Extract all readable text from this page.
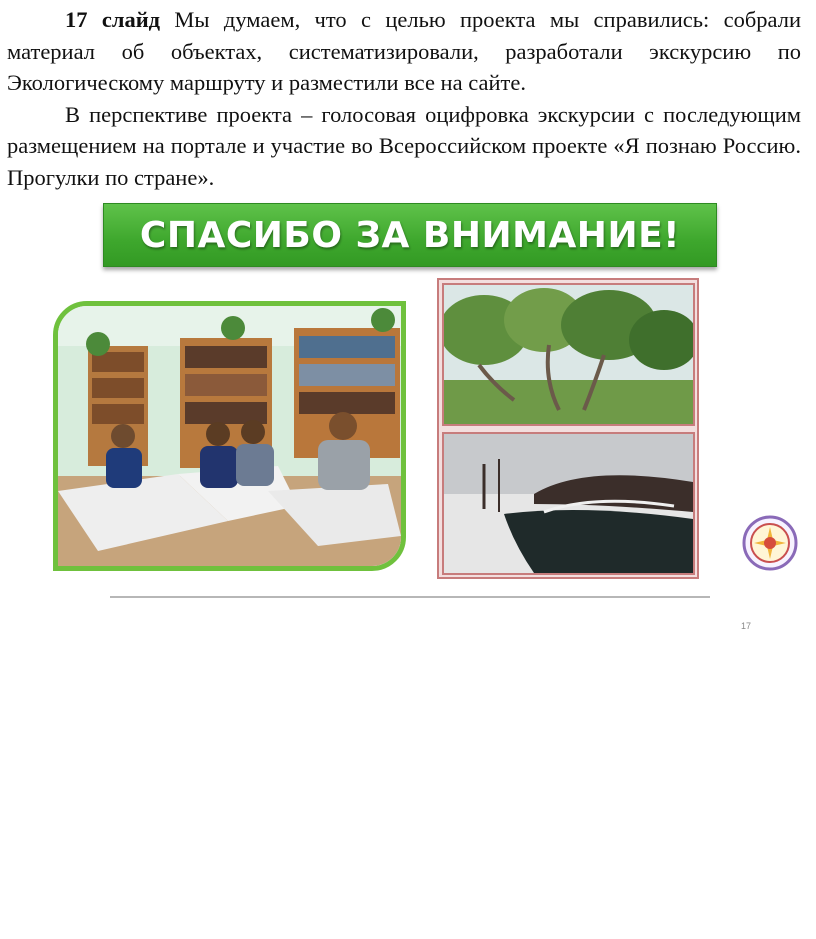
17 слайд Мы думаем, что с целью проекта мы справились: собрали материал об объектах, систематизировали, разработали экскурсию по Экологическому маршруту и разместили все на сайте.

В перспективе проекта – голосовая оцифровка экскурсии с последующим размещением на портале и участие во Всероссийском проекте «Я познаю Россию. Прогулки по стране».

СПАСИБО ЗА ВНИМАНИЕ!
17
